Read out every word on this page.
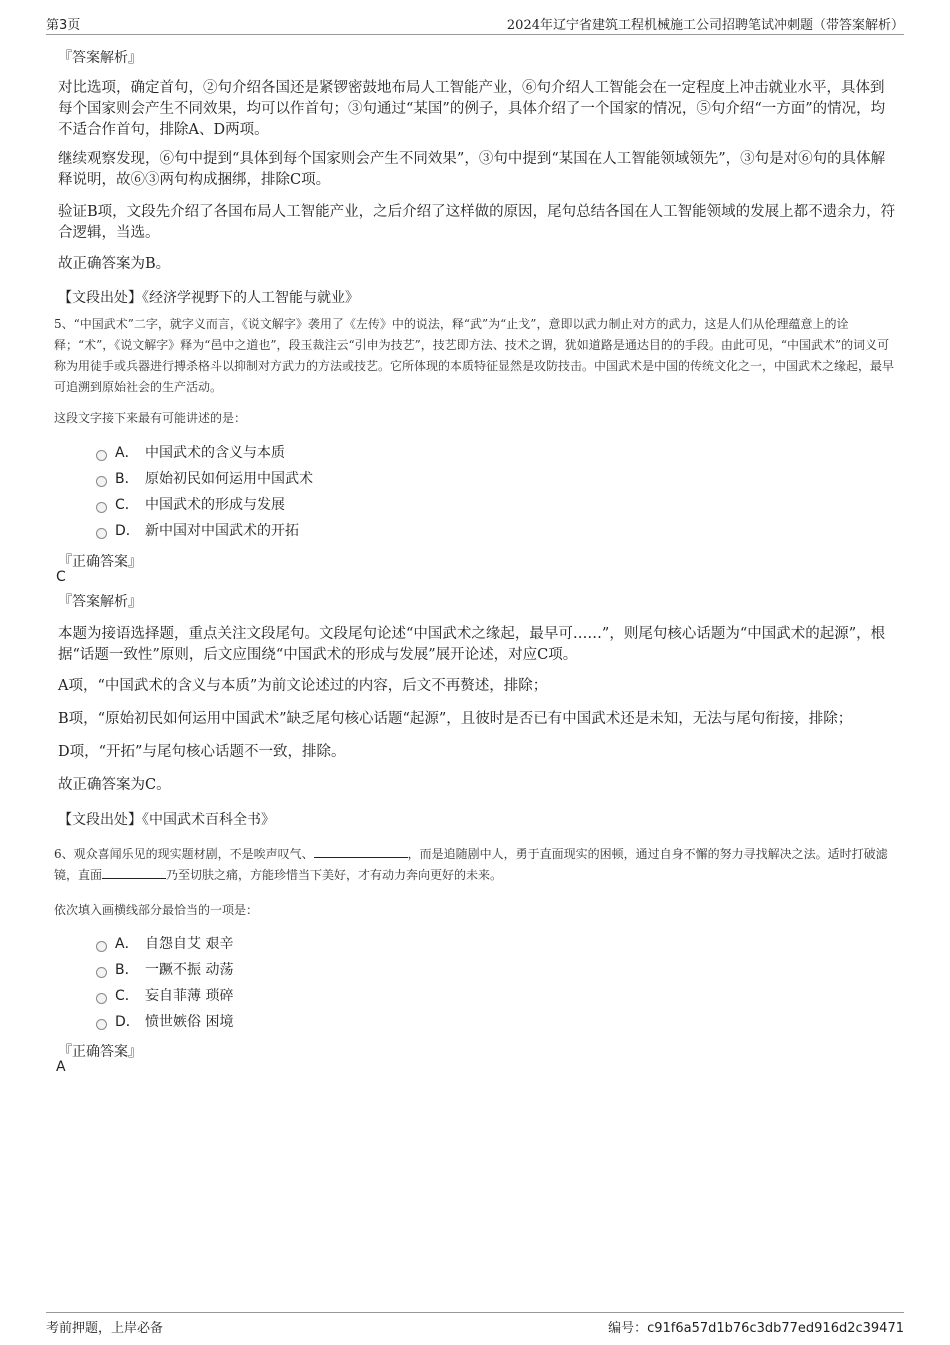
第3页	2024年辽宁省建筑工程机械施工公司招聘笔试冲刺题（带答案解析）
『答案解析』
对比选项，确定首句，②句介绍各国还是紧锣密鼓地布局人工智能产业，⑥句介绍人工智能会在一定程度上冲击就业水平，具体到每个国家则会产生不同效果，均可以作首句；③句通过“某国”的例子，具体介绍了一个国家的情况，⑤句介绍“一方面”的情况，均不适合作首句，排除A、D两项。
继续观察发现，⑥句中提到“具体到每个国家则会产生不同效果”，③句中提到“某国在人工智能领域领先”，③句是对⑥句的具体解释说明，故⑥③两句构成捆绑，排除C项。
验证B项，文段先介绍了各国布局人工智能产业，之后介绍了这样做的原因，尾句总结各国在人工智能领域的发展上都不遗余力，符合逻辑，当选。
故正确答案为B。
【文段出处】《经济学视野下的人工智能与就业》
5、“中国武术”二字，就字义而言，《说文解字》袭用了《左传》中的说法，释“武”为“止戈”，意即以武力制止对方的武力，这是人们从伦理蕴意上的诠释；“术”，《说文解字》释为“邑中之道也”，段玉裁注云“引申为技艺”，技艺即方法、技术之谓，犹如道路是通达目的的手段。由此可见，“中国武术”的词义可称为用徒手或兵器进行搏杀格斗以抑制对方武力的方法或技艺。它所体现的本质特征显然是攻防技击。中国武术是中国的传统文化之一，中国武术之缘起，最早可追溯到原始社会的生产活动。
这段文字接下来最有可能讲述的是：
A． 中国武术的含义与本质
B． 原始初民如何运用中国武术
C． 中国武术的形成与发展
D． 新中国对中国武术的开拓
『正确答案』
C
『答案解析』
本题为接语选择题，重点关注文段尾句。文段尾句论述“中国武术之缘起，最早可……”，则尾句核心话题为“中国武术的起源”，根据“话题一致性”原则，后文应围绕“中国武术的形成与发展”展开论述，对应C项。
A项，“中国武术的含义与本质”为前文论述过的内容，后文不再赘述，排除；
B项，“原始初民如何运用中国武术”缺乏尾句核心话题“起源”，且彼时是否已有中国武术还是未知，无法与尾句衔接，排除；
D项，“开拓”与尾句核心话题不一致，排除。
故正确答案为C。
【文段出处】《中国武术百科全书》
6、观众喜闻乐见的现实题材剧，不是唉声叹气、	，而是追随剧中人，勇于直面现实的困顿，通过自身不懈的努力寻找解决之法。适时打破滤镜，直面	乃至切肤之痛，方能珍惜当下美好，才有动力奔向更好的未来。
依次填入画横线部分最恰当的一项是：
A． 自怨自艾 艰辛
B． 一蹶不振 动荡
C． 妄自菲薄 琐碎
D． 愤世嫉俗 困境
『正确答案』
A
考前押题，上岸必备	编号：c91f6a57d1b76c3db77ed916d2c39471
